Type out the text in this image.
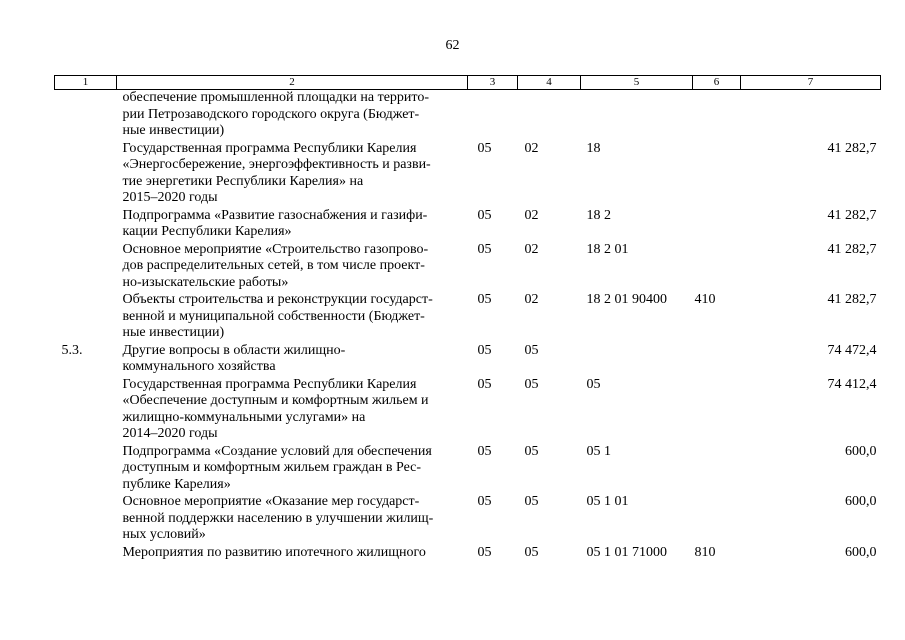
62
1	2	3	4	5	6	7
	обеспечение промышленной площадки на террито-
рии Петрозаводского городского округа (Бюджет-
ные инвестиции)					
	Государственная программа Республики Карелия
«Энергосбережение, энергоэффективность и разви-
тие энергетики Республики Карелия» на
2015–2020 годы	05	02	18		41 282,7
	Подпрограмма «Развитие газоснабжения и газифи-
кации Республики Карелия»	05	02	18 2		41 282,7
	Основное мероприятие «Строительство газопрово-
дов распределительных сетей, в том числе проект-
но-изыскательские работы»	05	02	18 2 01		41 282,7
	Объекты строительства и реконструкции государст-
венной и муниципальной собственности (Бюджет-
ные инвестиции)	05	02	18 2 01 90400	410	41 282,7
5.3.	Другие вопросы в области жилищно-
коммунального хозяйства	05	05			74 472,4
	Государственная программа Республики Карелия
«Обеспечение доступным и комфортным жильем и
жилищно-коммунальными услугами» на
2014–2020 годы	05	05	05		74 412,4
	Подпрограмма «Создание условий для обеспечения
доступным и комфортным жильем граждан в Рес-
публике Карелия»	05	05	05 1		600,0
	Основное мероприятие «Оказание мер государст-
венной поддержки населению в улучшении жилищ-
ных условий»	05	05	05 1 01		600,0
	Мероприятия по развитию ипотечного жилищного	05	05	05 1 01 71000	810	600,0
